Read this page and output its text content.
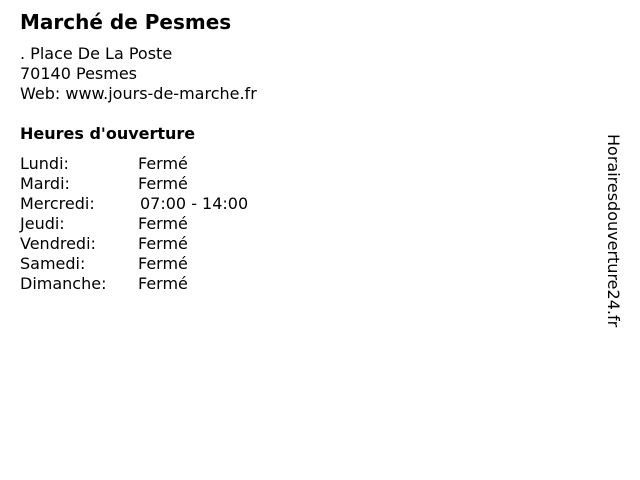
Marché de Pesmes
. Place De La Poste
70140 Pesmes
Web: www.jours-de-marche.fr
Heures d'ouverture
Lundi:	Fermé
Mardi:	Fermé
Mercredi:	07:00 - 14:00
Jeudi:	Fermé
Vendredi:	Fermé
Samedi:	Fermé
Dimanche:	Fermé	Horairesdouverture24.fr
